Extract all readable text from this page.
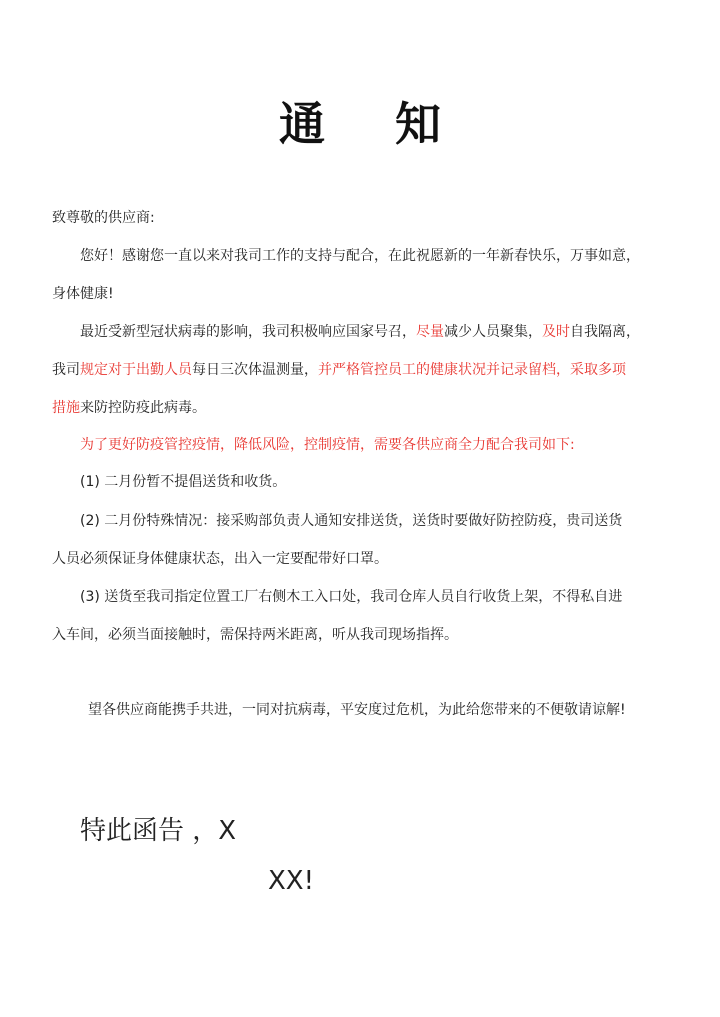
通 知
致尊敬的供应商:
您好！感谢您一直以来对我司工作的支持与配合，在此祝愿新的一年新春快乐，万事如意，
身体健康!
最近受新型冠状病毒的影响，我司积极响应国家号召，尽量减少人员聚集，及时自我隔离，
我司规定对于出勤人员每日三次体温测量，并严格管控员工的健康状况并记录留档，采取多项
措施来防控防疫此病毒。
为了更好防疫管控疫情，降低风险，控制疫情，需要各供应商全力配合我司如下:
(1) 二月份暂不提倡送货和收货。
(2) 二月份特殊情况：接采购部负责人通知安排送货，送货时要做好防控防疫，贵司送货
人员必须保证身体健康状态，出入一定要配带好口罩。
(3) 送货至我司指定位置工厂右侧木工入口处，我司仓库人员自行收货上架，不得私自进
入车间，必须当面接触时，需保持两米距离，听从我司现场指挥。
望各供应商能携手共进，一同对抗病毒，平安度过危机，为此给您带来的不便敬请谅解!
特此函告 ，X
XX!
